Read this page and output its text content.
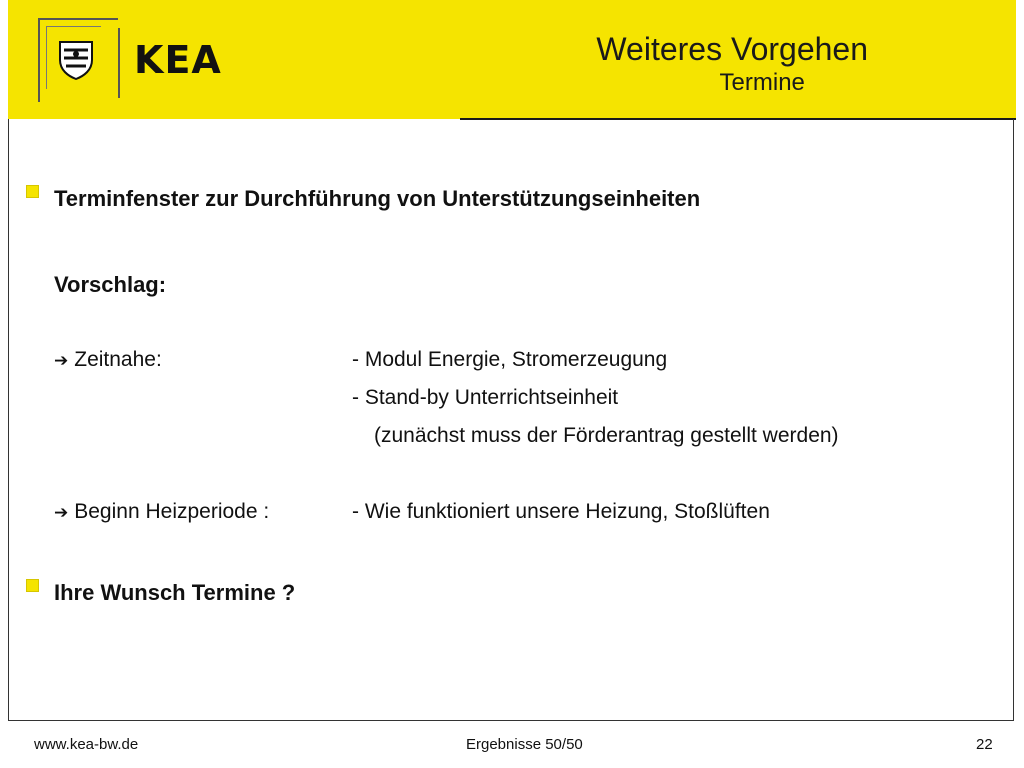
KEA	Weiteres Vorgehen
Termine
Terminfenster zur Durchführung von Unterstützungseinheiten
Vorschlag:
➔ Zeitnahe:	- Modul Energie, Stromerzeugung
- Stand-by Unterrichtseinheit
(zunächst muss der Förderantrag gestellt werden)
➔ Beginn Heizperiode :	- Wie funktioniert unsere Heizung, Stoßlüften
Ihre Wunsch Termine ?
www.kea-bw.de	Ergebnisse 50/50	22
